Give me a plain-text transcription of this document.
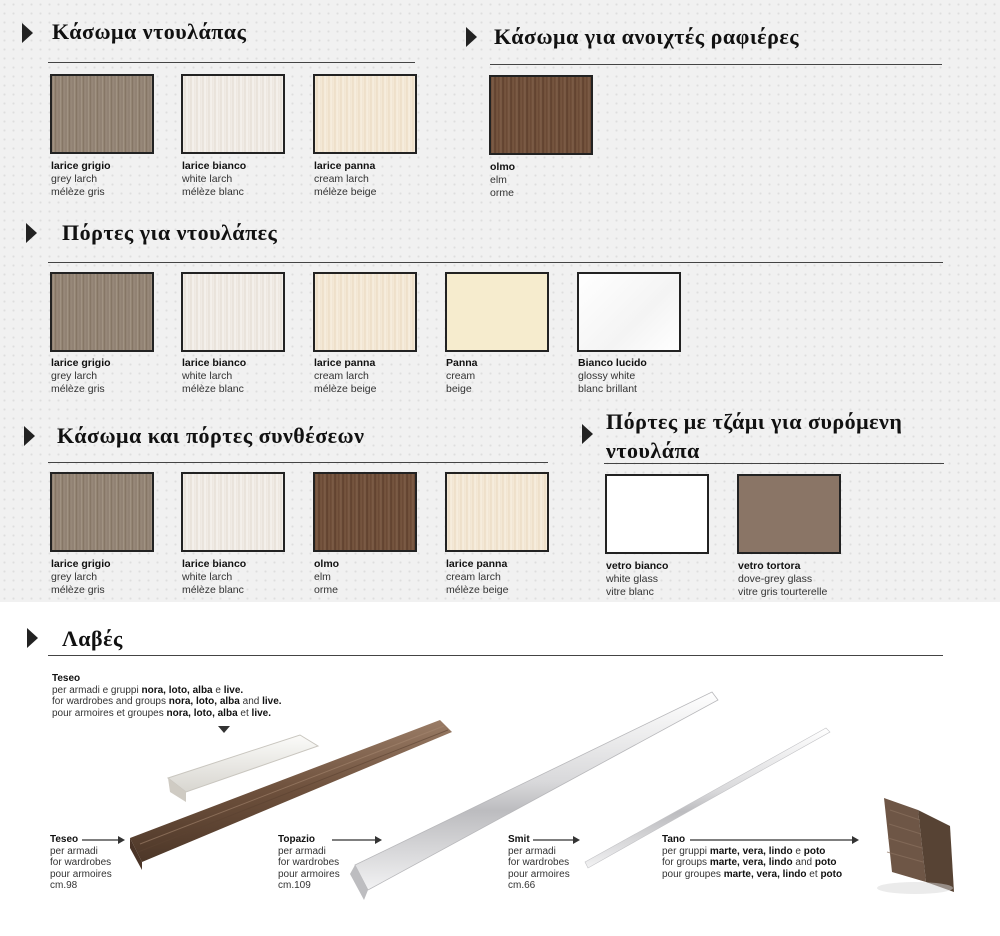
Κάσωμα ντουλάπας	Κάσωμα για ανοιχτές ραφιέρες
Πόρτες για ντουλάπες
Κάσωμα και πόρτες συνθέσεων
Πόρτες με τζάμι για συρόμενη ντουλάπα
larice grigio
grey larch
mélèze gris
larice bianco
white larch
mélèze blanc
larice panna
cream larch
mélèze beige
olmo
elm
orme
larice grigio
grey larch
mélèze gris
larice bianco
white larch
mélèze blanc
larice panna
cream larch
mélèze beige
Panna
cream
beige
Bianco lucido
glossy white
blanc brillant
larice grigio
grey larch
mélèze gris
larice bianco
white larch
mélèze blanc
olmo
elm
orme
larice panna
cream larch
mélèze beige
vetro bianco
white glass
vitre blanc
vetro tortora
dove-grey glass
vitre gris tourterelle
Λαβές
Teseo
per armadi e gruppi nora, loto, alba e live.
for wardrobes and groups nora, loto, alba and live.
pour armoires et groupes nora, loto, alba et live.
Teseo
per armadi
for wardrobes
pour armoires
cm.98
Topazio
per armadi
for wardrobes
pour armoires
cm.109
Smit
per armadi
for wardrobes
pour armoires
cm.66
Tano
per gruppi marte, vera, lindo e poto
for groups marte, vera, lindo and poto
pour groupes marte, vera, lindo et poto
